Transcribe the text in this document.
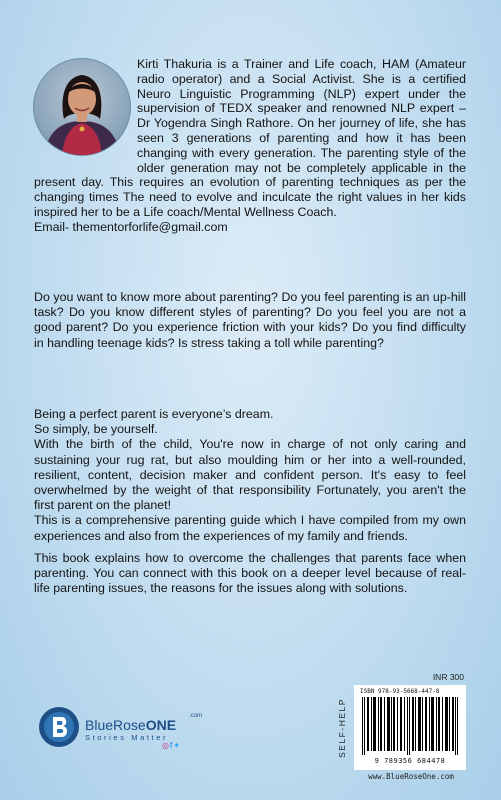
Kirti Thakuria is a Trainer and Life coach, HAM (Amateur radio operator) and a Social Activist. She is a certified Neuro Linguistic Programming (NLP) expert under the supervision of TEDX speaker and renowned NLP expert – Dr Yogendra Singh Rathore. On her journey of life, she has seen 3 generations of parenting and how it has been changing with every generation. The parenting style of the older generation may not be completely applicable in the present day. This requires an evolution of parenting techniques as per the changing times The need to evolve and inculcate the right values in her kids inspired her to be a Life coach/Mental Wellness Coach.
Email- thementorforlife@gmail.com

Do you want to know more about parenting? Do you feel parenting is an up-hill task? Do you know different styles of parenting? Do you feel you are not a good parent? Do you experience friction with your kids? Do you find difficulty in handling teenage kids? Is stress taking a toll while parenting?

Being a perfect parent is everyone’s dream.
So simply, be yourself.
With the birth of the child, You're now in charge of not only caring and sustaining your rug rat, but also moulding him or her into a well-rounded, resilient, content, decision maker and confident person. It's easy to feel overwhelmed by the weight of that responsibility Fortunately, you aren't the first parent on the planet!
This is a comprehensive parenting guide which I have compiled from my own experiences and also from the experiences of my family and friends.

This book explains how to overcome the challenges that parents face when parenting. You can connect with this book on a deeper level because of real-life parenting issues, the reasons for the issues along with solutions.

BlueRoseONE
.com
Stories Matter
◎f✦
INR 300
SELF-HELP
ISBN 978-93-5668-447-8
9 789356 684478
www.BlueRoseOne.com
